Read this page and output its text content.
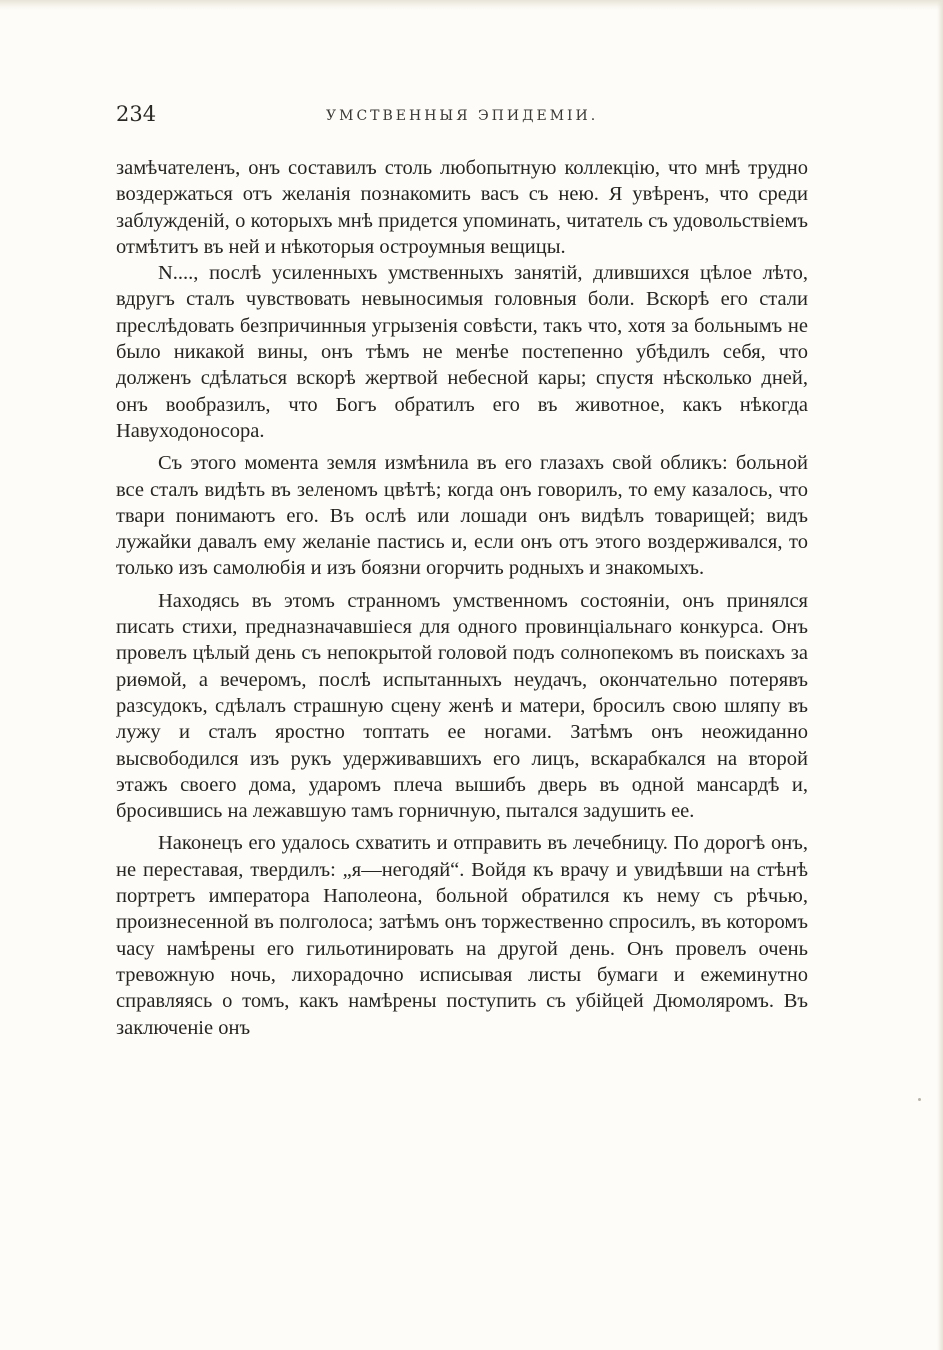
234	УМСТВЕННЫЯ ЭПИДЕМІИ.

замѣчателенъ, онъ составилъ столь любопытную коллекцію, что мнѣ трудно воздержаться отъ желанія познакомить васъ съ нею. Я увѣренъ, что среди заблужденій, о которыхъ мнѣ придется упоминать, читатель съ удовольствіемъ отмѣтитъ въ ней и нѣкоторыя остроумныя вещицы.

N...., послѣ усиленныхъ умственныхъ занятій, длившихся цѣлое лѣто, вдругъ сталъ чувствовать невыносимыя головныя боли. Вскорѣ его стали преслѣдовать безпричинныя угрызенія совѣсти, такъ что, хотя за больнымъ не было никакой вины, онъ тѣмъ не менѣе постепенно убѣдилъ себя, что долженъ сдѣлаться вскорѣ жертвой небесной кары; спустя нѣсколько дней, онъ вообразилъ, что Богъ обратилъ его въ животное, какъ нѣкогда Навуходоносора.

Съ этого момента земля измѣнила въ его глазахъ свой обликъ: больной все сталъ видѣть въ зеленомъ цвѣтѣ; когда онъ говорилъ, то ему казалось, что твари понимаютъ его. Въ ослѣ или лошади онъ видѣлъ товарищей; видъ лужайки давалъ ему желаніе пастись и, если онъ отъ этого воздерживался, то только изъ самолюбія и изъ боязни огорчить родныхъ и знакомыхъ.

Находясь въ этомъ странномъ умственномъ состояніи, онъ принялся писать стихи, предназначавшіеся для одного провинціальнаго конкурса. Онъ провелъ цѣлый день съ непокрытой головой подъ солнопекомъ въ поискахъ за риѳмой, а вечеромъ, послѣ испытанныхъ неудачъ, окончательно потерявъ разсудокъ, сдѣлалъ страшную сцену женѣ и матери, бросилъ свою шляпу въ лужу и сталъ яростно топтать ее ногами. Затѣмъ онъ неожиданно высвободился изъ рукъ удерживавшихъ его лицъ, вскарабкался на второй этажъ своего дома, ударомъ плеча вышибъ дверь въ одной мансардѣ и, бросившись на лежавшую тамъ горничную, пытался задушить ее.

Наконецъ его удалось схватить и отправить въ лечебницу. По дорогѣ онъ, не переставая, твердилъ: „я—негодяй“. Войдя къ врачу и увидѣвши на стѣнѣ портретъ императора Наполеона, больной обратился къ нему съ рѣчью, произнесенной въ полголоса; затѣмъ онъ торжественно спросилъ, въ которомъ часу намѣрены его гильотинировать на другой день. Онъ провелъ очень тревожную ночь, лихорадочно исписывая листы бумаги и ежеминутно справляясь о томъ, какъ намѣрены поступить съ убійцей Дюмоляромъ. Въ заключеніе онъ
